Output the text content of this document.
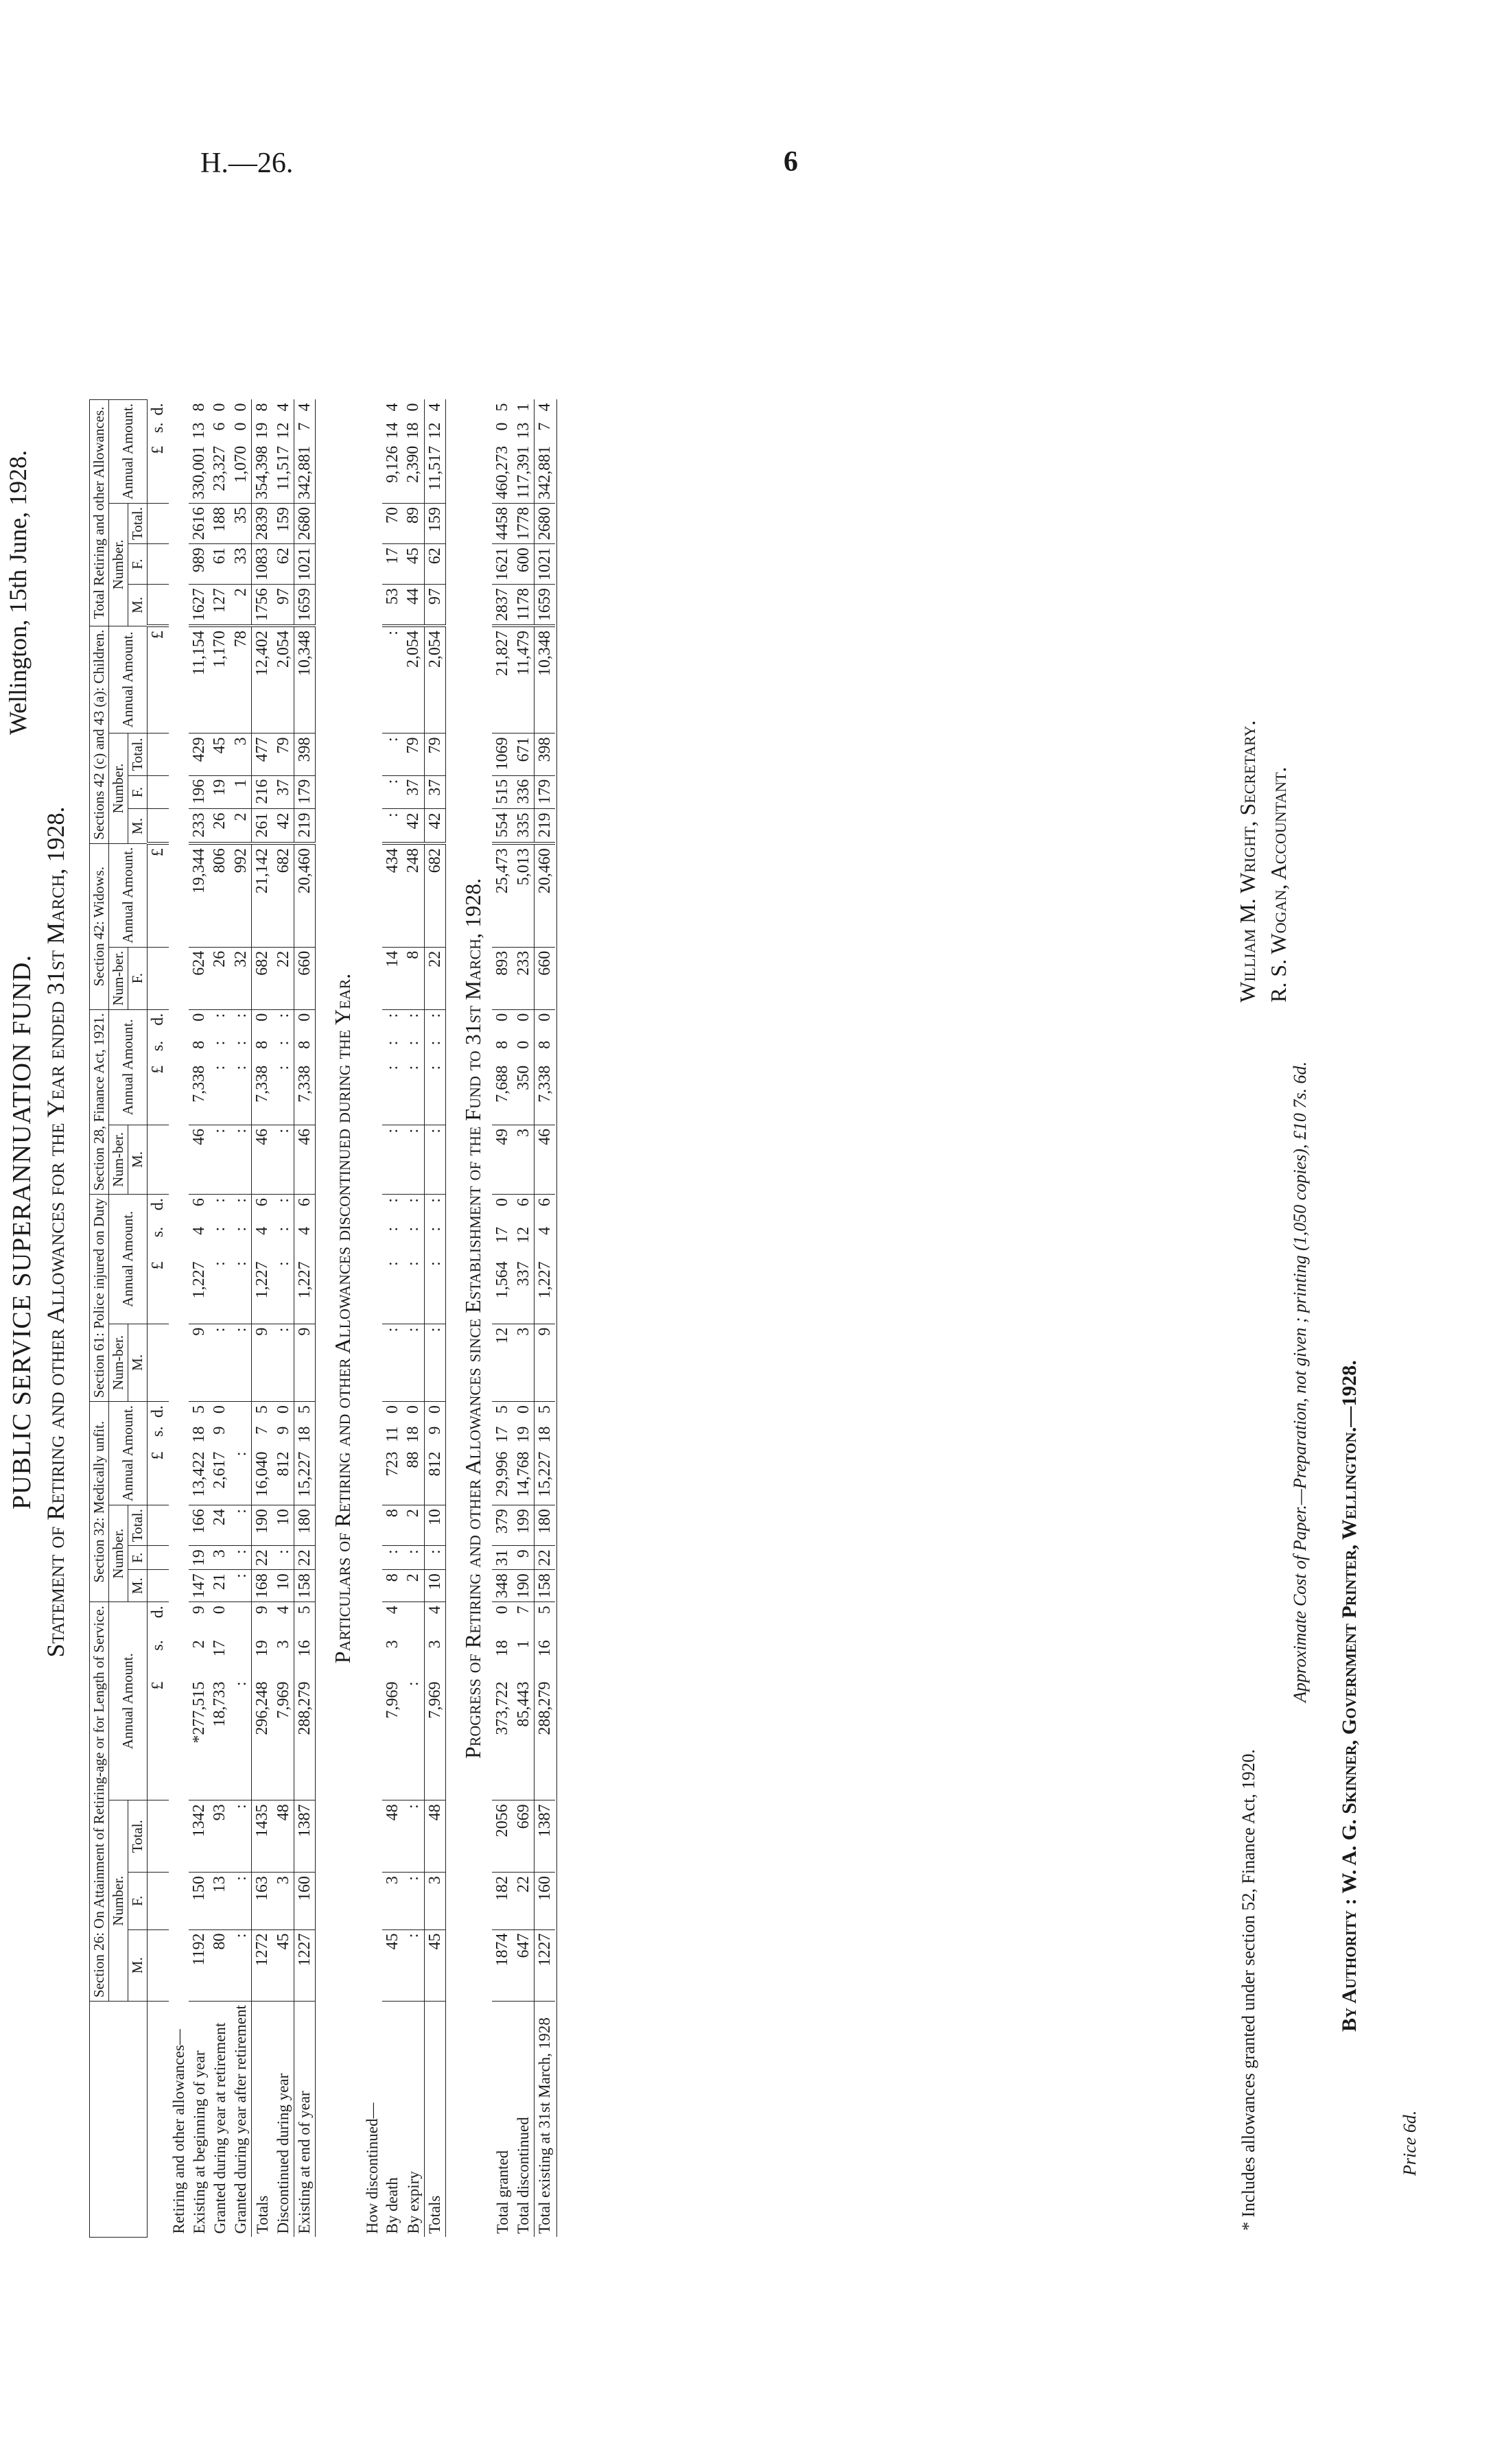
H.—26.	6
PUBLIC SERVICE SUPERANNUATION FUND. Statement of Retiring and other Allowances for the Year ended 31st March, 1928.
	Section 26: On Attainment of Retiring-age or for Length of Service.						Section 32: Medically unfit.						Section 61: Police injured on Duty				Section 28, Finance Act, 1921.				Section 42: Widows.		Sections 42 (c) and 43 (a): Children.				Total Retiring and other Allowances.					
	Number.			Annual Amount.			Number.			Annual Amount.			Num-ber.	Annual Amount.			Num-ber.	Annual Amount.			Num-ber.	Annual Amount.	Number.			Annual Amount.	Number.			Annual Amount.		
	M.	F.	Total.				M.	F.	Total.				M.				M.				F.		M.	F.	Total.		M.	F.	Total.			
				£	s.	d.				£	s.	d.		£	s.	d.		£	s.	d.		£				£				£	s.	d.
Retiring and other allowances—																																
Existing at beginning of year	1192	150	1342	*277,515	2	9	147	19	166	13,422	18	5	9	1,227	4	6	46	7,338	8	0	624	19,344	233	196	429	11,154	1627	989	2616	330,001	13	8
Granted during year at retirement	80	13	93	18,733	17	0	21	3	24	2,617	9	0	:	:	:	:	:	:	:	:	26	806	26	19	45	1,170	127	61	188	23,327	6	0
Granted during year after retirement	:	:	:	:			:	:	:	:			:	:	:	:	:	:	:	:	32	992	2	1	3	78	2	33	35	1,070	0	0
Totals	1272	163	1435	296,248	19	9	168	22	190	16,040	7	5	9	1,227	4	6	46	7,338	8	0	682	21,142	261	216	477	12,402	1756	1083	2839	354,398	19	8
Discontinued during year	45	3	48	7,969	3	4	10	:	10	812	9	0	:	:	:	:	:	:	:	:	22	682	42	37	79	2,054	97	62	159	11,517	12	4
Existing at end of year	1227	160	1387	288,279	16	5	158	22	180	15,227	18	5	9	1,227	4	6	46	7,338	8	0	660	20,460	219	179	398	10,348	1659	1021	2680	342,881	7	4
Particulars of Retiring and other Allowances discontinued during the Year.																																
How discontinued—																																
By death	45	3	48	7,969	3	4	8	:	8	723	11	0	:	:	:	:	:	:	:	:	14	434	:	:	:	:	53	17	70	9,126	14	4
By expiry	:	:	:	:			2	:	2	88	18	0	:	:	:	:	:	:	:	:	8	248	42	37	79	2,054	44	45	89	2,390	18	0
Totals	45	3	48	7,969	3	4	10	:	10	812	9	0	:	:	:	:	:	:	:	:	22	682	42	37	79	2,054	97	62	159	11,517	12	4
Progress of Retiring and other Allowances since Establishment of the Fund to 31st March, 1928.																																
Total granted	1874	182	2056	373,722	18	0	348	31	379	29,996	17	5	12	1,564	17	0	49	7,688	8	0	893	25,473	554	515	1069	21,827	2837	1621	4458	460,273	0	5
Total discontinued	647	22	669	85,443	1	7	190	9	199	14,768	19	0	3	337	12	6	3	350	0	0	233	5,013	335	336	671	11,479	1178	600	1778	117,391	13	1
Total existing at 31st March, 1928	1227	160	1387	288,279	16	5	158	22	180	15,227	18	5	9	1,227	4	6	46	7,338	8	0	660	20,460	219	179	398	10,348	1659	1021	2680	342,881	7	4

* Includes allowances granted under section 52, Finance Act, 1920.
Approximate Cost of Paper.—Preparation, not given ; printing (1,050 copies), £10 7s. 6d. By Authority : W. A. G. Skinner, Government Printer, Wellington.—1928.
Price 6d.
Wellington, 15th June, 1928.
William M. Wright, Secretary. R. S. Wogan, Accountant.
